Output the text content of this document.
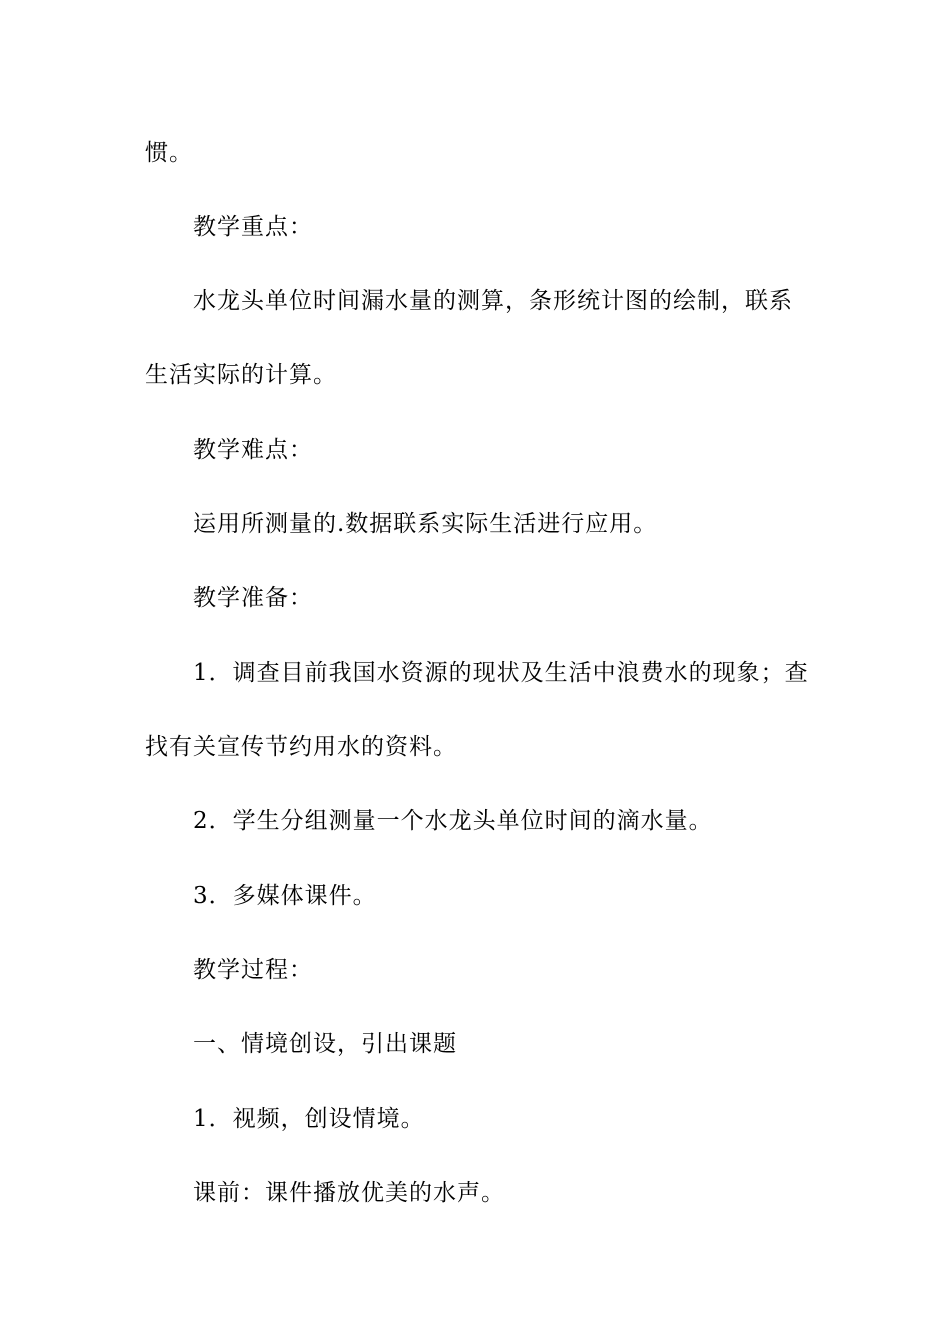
惯。
教学重点：
水龙头单位时间漏水量的测算，条形统计图的绘制，联系
生活实际的计算。
教学难点：
运用所测量的.数据联系实际生活进行应用。
教学准备：
1．调查目前我国水资源的现状及生活中浪费水的现象；查
找有关宣传节约用水的资料。
2．学生分组测量一个水龙头单位时间的滴水量。
3．多媒体课件。
教学过程：
一、情境创设，引出课题
1．视频，创设情境。
课前：课件播放优美的水声。
